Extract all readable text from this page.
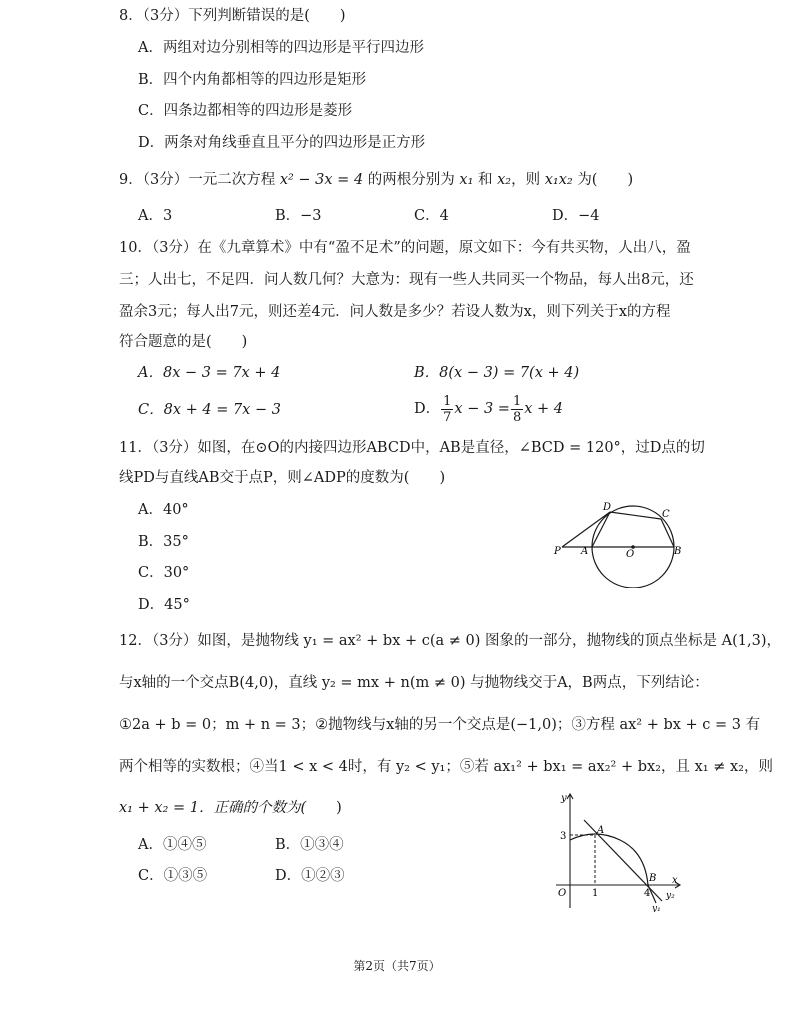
8．（3分）下列判断错误的是( )
A．两组对边分别相等的四边形是平行四边形
B．四个内角都相等的四边形是矩形
C．四条边都相等的四边形是菱形
D．两条对角线垂直且平分的四边形是正方形
9．（3分）一元二次方程 x² − 3x = 4 的两根分别为 x₁ 和 x₂，则 x₁x₂ 为( )
A．3	B．−3	C．4	D．−4
10．（3分）在《九章算术》中有“盈不足术”的问题，原文如下：今有共买物，人出八，盈
三；人出七，不足四．问人数几何？大意为：现有一些人共同买一个物品，每人出8元，还
盈余3元；每人出7元，则还差4元．问人数是多少？若设人数为x，则下列关于x的方程
符合题意的是( )
A．8x − 3 = 7x + 4	B．8(x − 3) = 7(x + 4)
C．8x + 4 = 7x − 3	D． $\frac{1}{7}$ $x - 3 = \frac{1}{8}$ x + 4
11．（3分）如图，在⊙O的内接四边形ABCD中，AB是直径，∠BCD = 120°，过D点的切
线PD与直线AB交于点P，则∠ADP的度数为( )
A．40°
B．35°
C．30°
D．45°
D
C
P A	O	B
12．（3分）如图，是抛物线 y₁ = ax² + bx + c(a ≠ 0) 图象的一部分，抛物线的顶点坐标是 A(1,3)，
与x轴的一个交点B(4,0)，直线 y₂ = mx + n(m ≠ 0) 与抛物线交于A，B两点，下列结论：
①2a + b = 0；m + n = 3；②抛物线与x轴的另一个交点是(−1,0)；③方程 ax² + bx + c = 3 有
两个相等的实数根；④当1 < x < 4时，有 y₂ < y₁；⑤若 ax₁² + bx₁ = ax₂² + bx₂，且 x₁ ≠ x₂，则
x₁ + x₂ = 1．正确的个数为( )
A．①④⑤	B．①③④
C．①③⑤	D．①②③
y
x
3
A
B
O	1	4 y₂
y₁
第2页（共7页）
